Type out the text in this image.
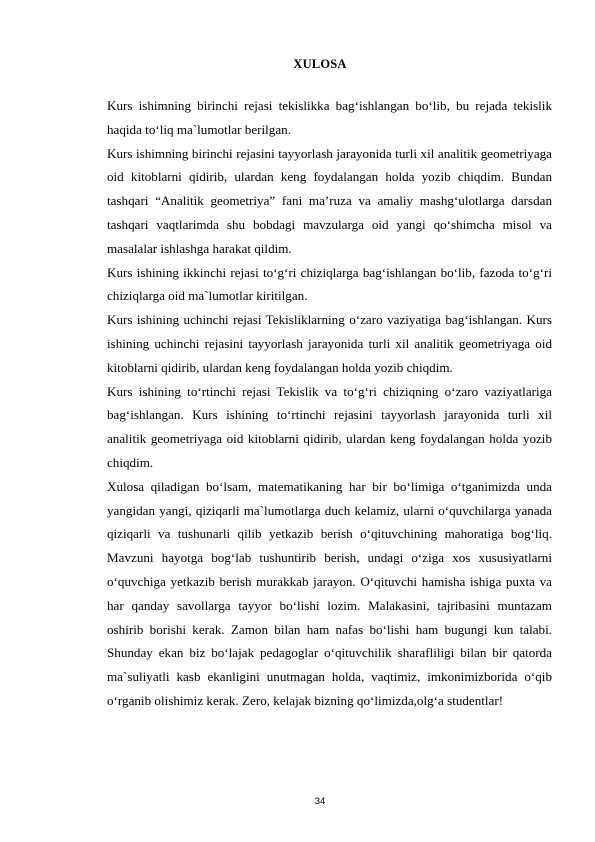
XULOSA

Kurs ishimning birinchi rejasi tekislikka bag‘ishlangan bo‘lib, bu rejada tekislik haqida to‘liq ma`lumotlar berilgan.

Kurs ishimning birinchi rejasini tayyorlash jarayonida turli xil analitik geometriyaga oid kitoblarni qidirib, ulardan keng foydalangan holda yozib chiqdim. Bundan tashqari “Analitik geometriya” fani ma’ruza va amaliy mashg‘ulotlarga darsdan tashqari vaqtlarimda shu bobdagi mavzularga oid yangi qo‘shimcha misol va masalalar ishlashga harakat qildim.

Kurs ishining ikkinchi rejasi to‘g‘ri chiziqlarga bag‘ishlangan bo‘lib, fazoda to‘g‘ri chiziqlarga oid ma`lumotlar kiritilgan.

Kurs ishining uchinchi rejasi Tekisliklarning o‘zaro vaziyatiga bag‘ishlangan. Kurs ishining uchinchi rejasini tayyorlash jarayonida turli xil analitik geometriyaga oid kitoblarni qidirib, ulardan keng foydalangan holda yozib chiqdim.

Kurs ishining to‘rtinchi rejasi Tekislik va to‘g‘ri chiziqning o‘zaro vaziyatlariga bag‘ishlangan. Kurs ishining to‘rtinchi rejasini tayyorlash jarayonida turli xil analitik geometriyaga oid kitoblarni qidirib, ulardan keng foydalangan holda yozib chiqdim.

Xulosa qiladigan bo‘lsam, matematikaning har bir bo‘limiga o‘tganimizda unda yangidan yangi, qiziqarli ma`lumotlarga duch kelamiz, ularni o‘quvchilarga yanada qiziqarli va tushunarli qilib yetkazib berish o‘qituvchining mahoratiga bog‘liq. Mavzuni hayotga bog‘lab tushuntirib berish, undagi o‘ziga xos xususiyatlarni o‘quvchiga yetkazib berish murakkab jarayon. O‘qituvchi hamisha ishiga puxta va har qanday savollarga tayyor bo‘lishi lozim. Malakasini, tajribasini muntazam oshirib borishi kerak. Zamon bilan ham nafas bo‘lishi ham bugungi kun talabi. Shunday ekan biz bo‘lajak pedagoglar o‘qituvchilik sharafliligi bilan bir qatorda ma`suliyatli kasb ekanligini unutmagan holda, vaqtimiz, imkonimizborida o‘qib o‘rganib olishimiz kerak. Zero, kelajak bizning qo‘limizda,olg‘a studentlar!

34
